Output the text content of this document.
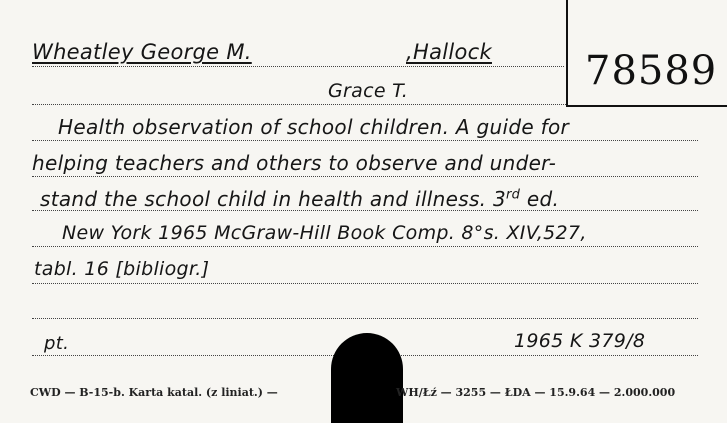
78589
Wheatley George M.	,Hallock
Grace T.
Health observation of school children. A guide for
helping teachers and others to observe and under-
stand the school child in health and illness. 3rd ed.
New York 1965 McGraw-Hill Book Comp. 8°s. XIV,527,
tabl. 16 [bibliogr.]
pt.	1965 K 379/8
CWD — B-15-b. Karta katal. (z liniat.) —	WH/Łź — 3255 — ŁDA — 15.9.64 — 2.000.000
